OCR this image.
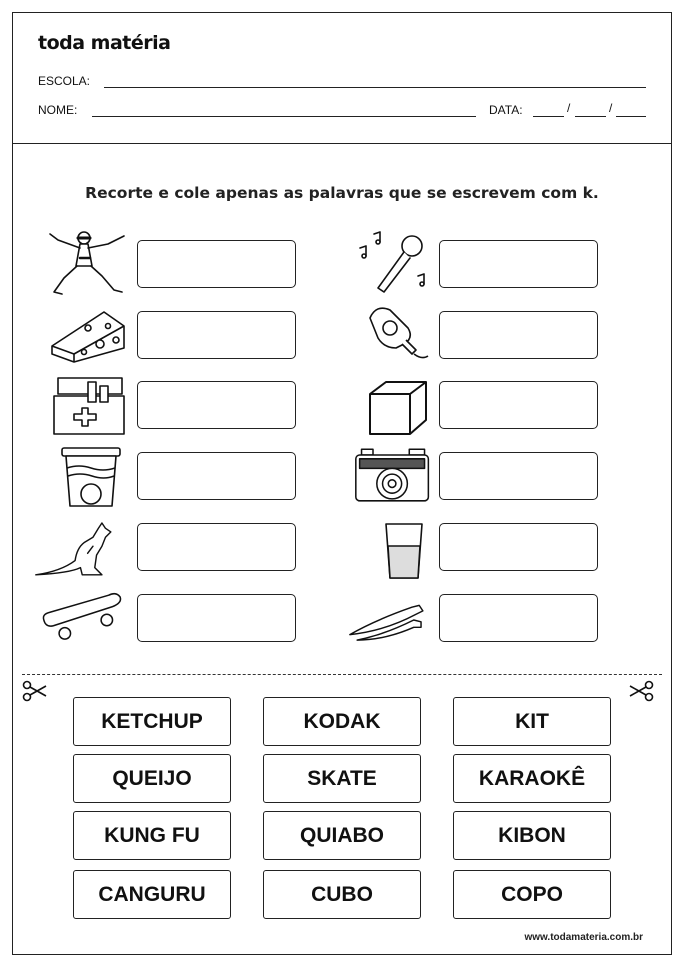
toda matéria
ESCOLA:
NOME:	DATA:	/	/
Recorte e cole apenas as palavras que se escrevem com k.
KETCHUP	KODAK	KIT
QUEIJO	SKATE	KARAOKÊ
KUNG FU	QUIABO	KIBON
CANGURU	CUBO	COPO
www.todamateria.com.br
